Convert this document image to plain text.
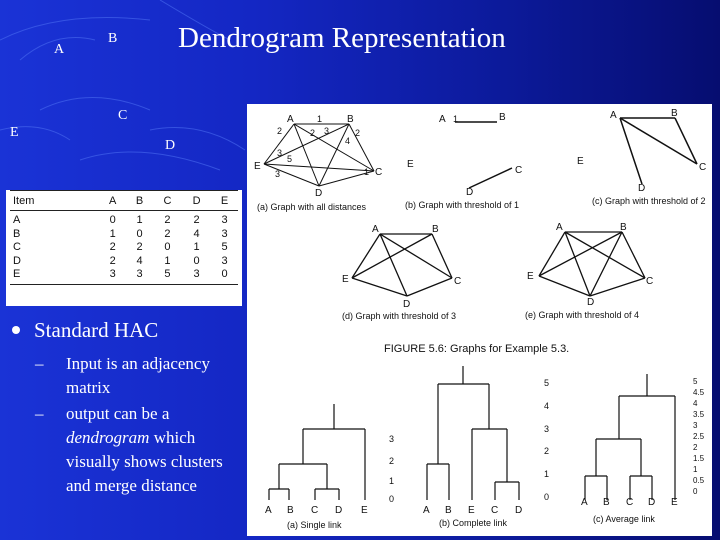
Dendrogram Representation
A
B
C
D
E
Item	A	B	C	D	E
A	0	1	2	2	3
B	1	0	2	4	3
C	2	2	0	1	5
D	2	4	1	0	3
E	3	3	5	3	0
Standard HAC
– Input is an adjacency matrix
– output can be a
dendrogram which visually shows clusters and merge distance
A	B
C
D
E
1
2	2 3	2
4
3
5
3	1
(a) Graph with all distances
A 1	B
C
D
E
(b) Graph with threshold of 1
A	B
C
D
E
(c) Graph with threshold of 2
A	B
C
D
E
(d) Graph with threshold of 3
A	B
C
D
E
(e) Graph with threshold of 4
FIGURE 5.6: Graphs for Example 5.3.
3
2
1
0
A B C D E
(a) Single link
5
4
3
2
1
0
A B E C D
(b) Complete link
5
4.5
4
3.5
3
2.5
2
1.5
1
0.5
0
A B C D E
(c) Average link
